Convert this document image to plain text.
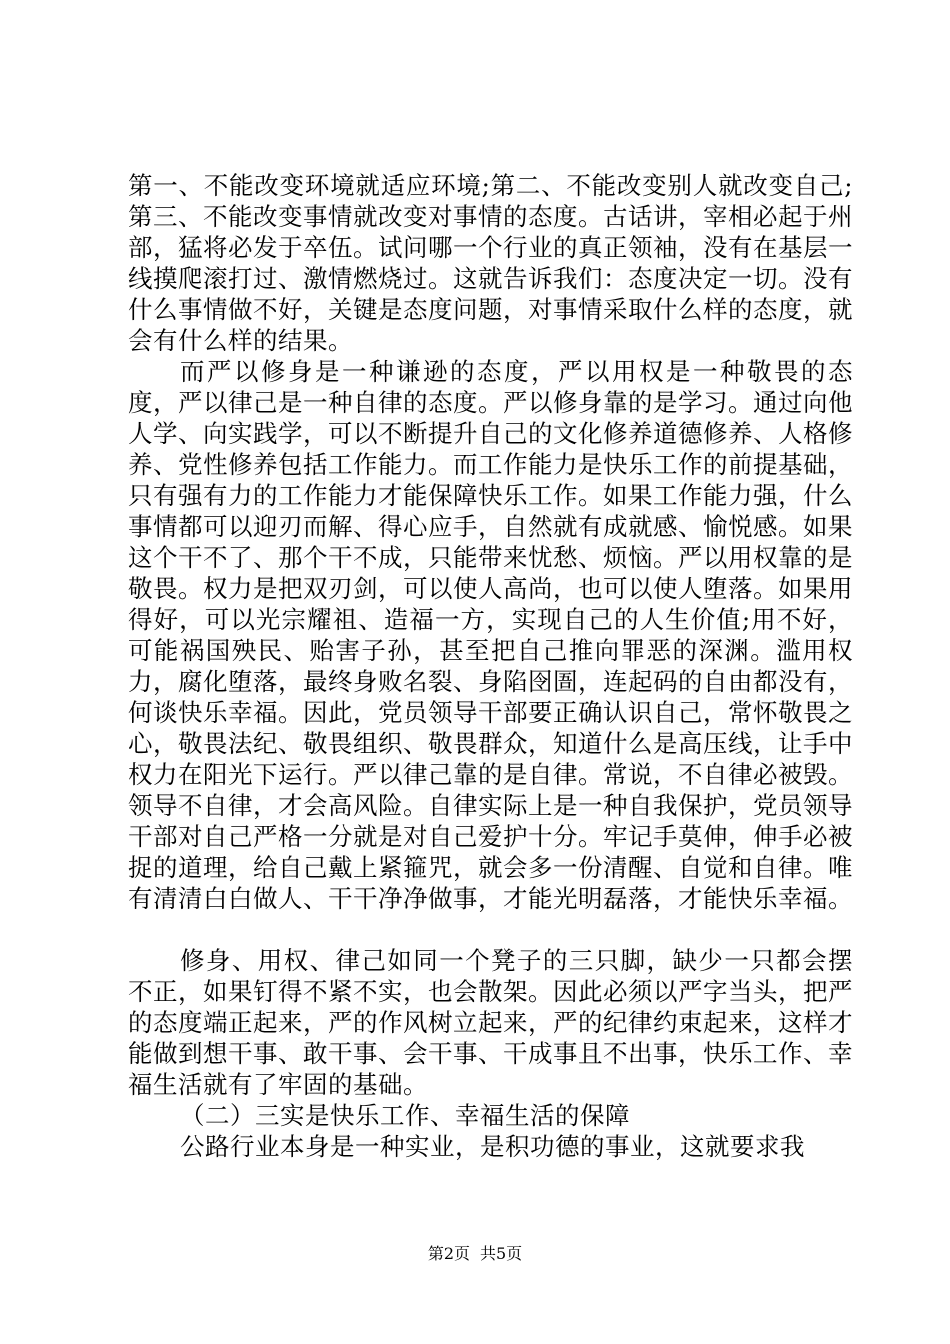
第一、不能改变环境就适应环境;第二、不能改变别人就改变自己;第三、不能改变事情就改变对事情的态度。古话讲，宰相必起于州部，猛将必发于卒伍。试问哪一个行业的真正领袖，没有在基层一线摸爬滚打过、激情燃烧过。这就告诉我们：态度决定一切。没有什么事情做不好，关键是态度问题，对事情采取什么样的态度，就会有什么样的结果。

而严以修身是一种谦逊的态度，严以用权是一种敬畏的态度，严以律己是一种自律的态度。严以修身靠的是学习。通过向他人学、向实践学，可以不断提升自己的文化修养道德修养、人格修养、党性修养包括工作能力。而工作能力是快乐工作的前提基础，只有强有力的工作能力才能保障快乐工作。如果工作能力强，什么事情都可以迎刃而解、得心应手，自然就有成就感、愉悦感。如果这个干不了、那个干不成，只能带来忧愁、烦恼。严以用权靠的是敬畏。权力是把双刃剑，可以使人高尚，也可以使人堕落。如果用得好，可以光宗耀祖、造福一方，实现自己的人生价值;用不好，可能祸国殃民、贻害子孙，甚至把自己推向罪恶的深渊。滥用权力，腐化堕落，最终身败名裂、身陷囹圄，连起码的自由都没有，何谈快乐幸福。因此，党员领导干部要正确认识自己，常怀敬畏之心，敬畏法纪、敬畏组织、敬畏群众，知道什么是高压线，让手中权力在阳光下运行。严以律己靠的是自律。常说，不自律必被毁。领导不自律，才会高风险。自律实际上是一种自我保护，党员领导干部对自己严格一分就是对自己爱护十分。牢记手莫伸，伸手必被捉的道理，给自己戴上紧箍咒，就会多一份清醒、自觉和自律。唯有清清白白做人、干干净净做事，才能光明磊落，才能快乐幸福。

修身、用权、律己如同一个凳子的三只脚，缺少一只都会摆不正，如果钉得不紧不实，也会散架。因此必须以严字当头，把严的态度端正起来，严的作风树立起来，严的纪律约束起来，这样才能做到想干事、敢干事、会干事、干成事且不出事，快乐工作、幸福生活就有了牢固的基础。

（二）三实是快乐工作、幸福生活的保障

公路行业本身是一种实业，是积功德的事业，这就要求我

第2页 共5页
